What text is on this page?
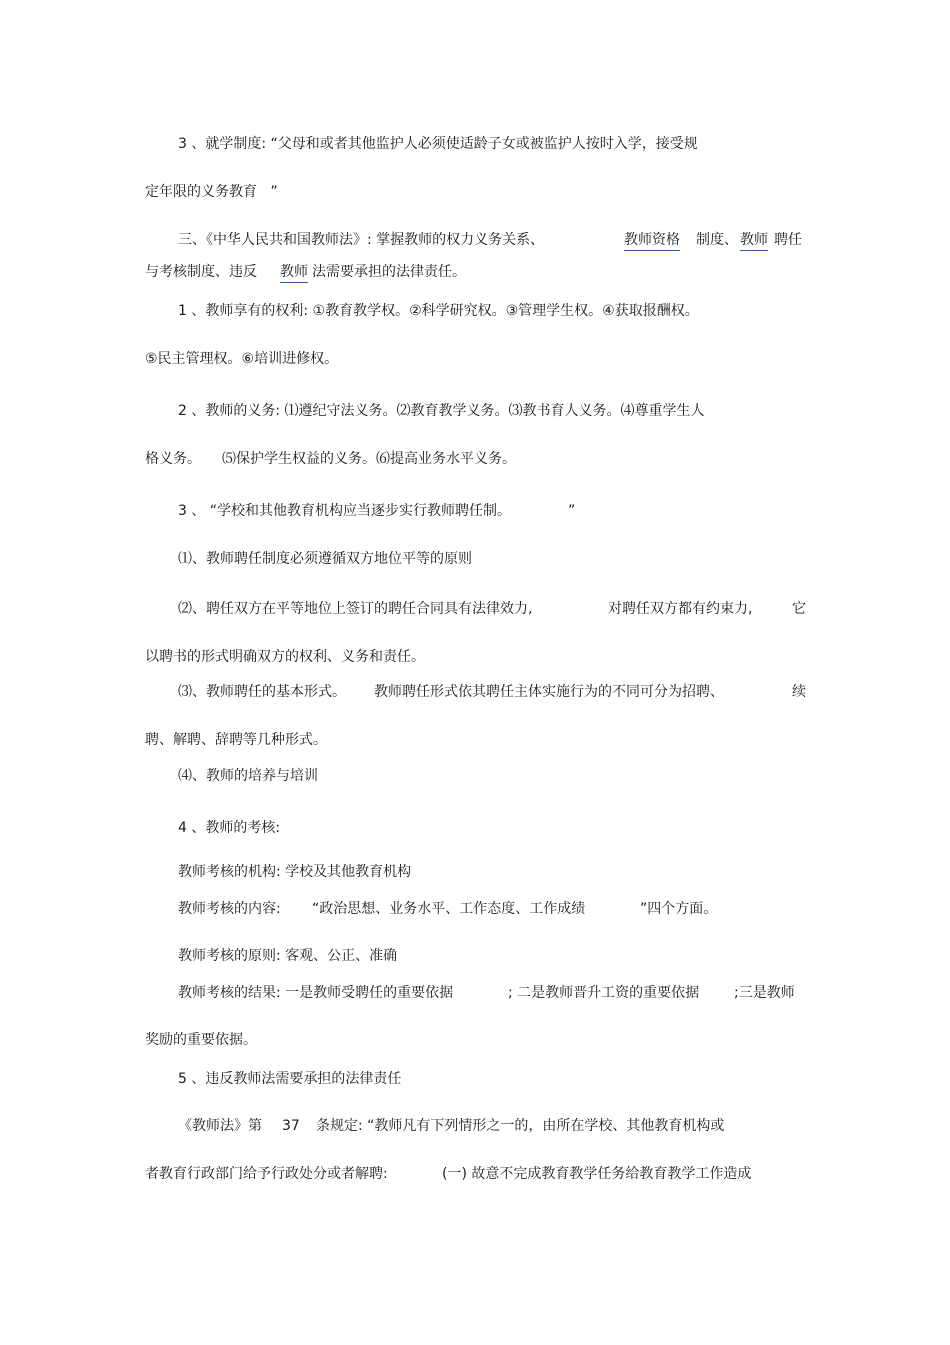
3 、就学制度: “父母和或者其他监护人必须使适龄子女或被监护人按时入学，接受规
定年限的义务教育   ”
三、《中华人民共和国教师法》: 掌握教师的权力义务关系、	教师资格 制度、 教师 聘任
与考核制度、违反 教师 法需要承担的法律责任。
1 、教师享有的权利: ①教育教学权。②科学研究权。③管理学生权。④获取报酬权。
⑤民主管理权。⑥培训进修权。
2 、教师的义务: ⑴遵纪守法义务。⑵教育教学义务。⑶教书育人义务。⑷尊重学生人
格义务。 ⑸保护学生权益的义务。⑹提高业务水平义务。
3 、 “学校和其他教育机构应当逐步实行教师聘任制。	”
⑴、教师聘任制度必须遵循双方地位平等的原则
⑵、聘任双方在平等地位上签订的聘任合同具有法律效力,	对聘任双方都有约束力,	它
以聘书的形式明确双方的权利、义务和责任。
⑶、教师聘任的基本形式。 教师聘任形式依其聘任主体实施行为的不同可分为招聘、	续
聘、解聘、辞聘等几种形式。
⑷、教师的培养与培训
4 、教师的考核:
教师考核的机构: 学校及其他教育机构
教师考核的内容: “政治思想、业务水平、工作态度、工作成绩	”四个方面。
教师考核的原则: 客观、公正、准确
教师考核的结果: 一是教师受聘任的重要依据	; 二是教师晋升工资的重要依据 ;三是教师
奖励的重要依据。
5 、违反教师法需要承担的法律责任
《教师法》第 37 条规定: “教师凡有下列情形之一的，由所在学校、其他教育机构或
者教育行政部门给予行政处分或者解聘:	(一) 故意不完成教育教学任务给教育教学工作造成
